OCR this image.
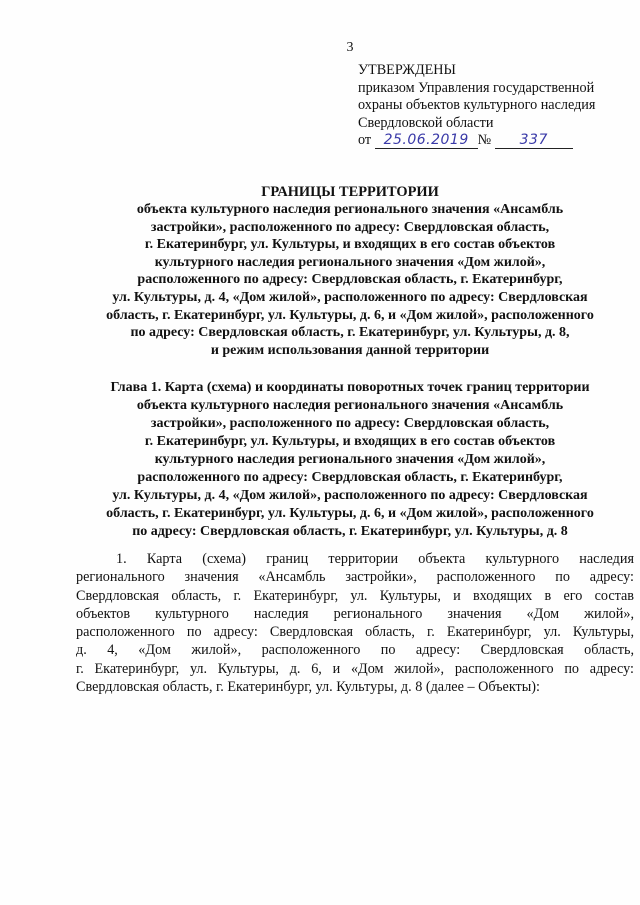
3
УТВЕРЖДЕНЫ
приказом Управления государственной
охраны объектов культурного наследия
Свердловской области
от 25.06.2019 № 337
ГРАНИЦЫ ТЕРРИТОРИИ
объекта культурного наследия регионального значения «Ансамбль
застройки», расположенного по адресу: Свердловская область,
г. Екатеринбург, ул. Культуры, и входящих в его состав объектов
культурного наследия регионального значения «Дом жилой»,
расположенного по адресу: Свердловская область, г. Екатеринбург,
ул. Культуры, д. 4, «Дом жилой», расположенного по адресу: Свердловская
область, г. Екатеринбург, ул. Культуры, д. 6, и «Дом жилой», расположенного
по адресу: Свердловская область, г. Екатеринбург, ул. Культуры, д. 8,
и режим использования данной территории
Глава 1. Карта (схема) и координаты поворотных точек границ территории
объекта культурного наследия регионального значения «Ансамбль
застройки», расположенного по адресу: Свердловская область,
г. Екатеринбург, ул. Культуры, и входящих в его состав объектов
культурного наследия регионального значения «Дом жилой»,
расположенного по адресу: Свердловская область, г. Екатеринбург,
ул. Культуры, д. 4, «Дом жилой», расположенного по адресу: Свердловская
область, г. Екатеринбург, ул. Культуры, д. 6, и «Дом жилой», расположенного
по адресу: Свердловская область, г. Екатеринбург, ул. Культуры, д. 8
1. Карта (схема) границ территории объекта культурного наследия
регионального значения «Ансамбль застройки», расположенного по адресу:
Свердловская область, г. Екатеринбург, ул. Культуры, и входящих в его состав
объектов культурного наследия регионального значения «Дом жилой»,
расположенного по адресу: Свердловская область, г. Екатеринбург, ул. Культуры,
д. 4, «Дом жилой», расположенного по адресу: Свердловская область,
г. Екатеринбург, ул. Культуры, д. 6, и «Дом жилой», расположенного по адресу:
Свердловская область, г. Екатеринбург, ул. Культуры, д. 8 (далее – Объекты):
